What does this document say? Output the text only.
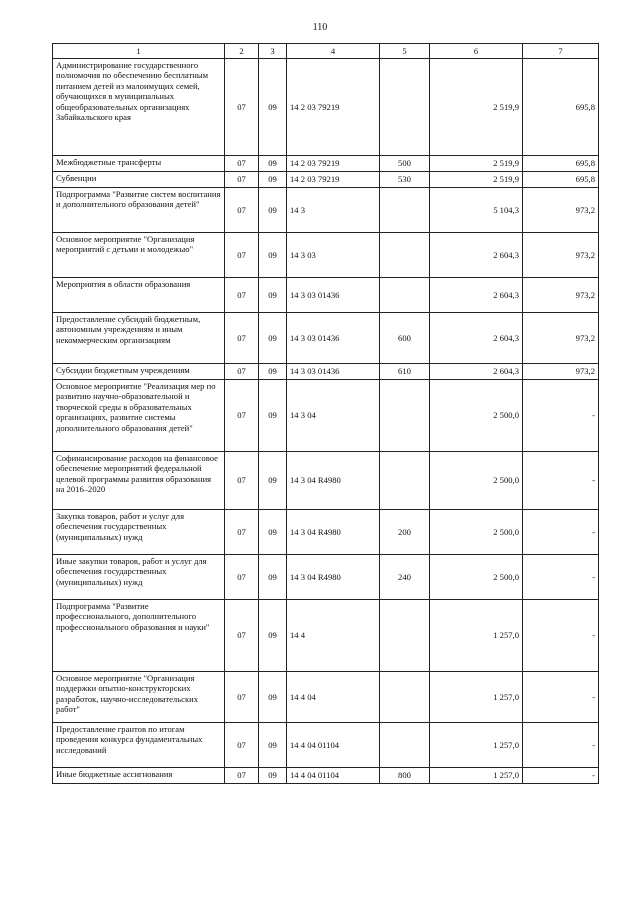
110
1	2	3	4	5	6	7
Администрирование государственного полномочия по обеспечению бесплатным питанием детей из малоимущих семей, обучающихся в муниципальных общеобразовательных организациях Забайкальского края	07	09	14 2 03 79219		2 519,9	695,8
Межбюджетные трансферты	07	09	14 2 03 79219	500	2 519,9	695,8
Субвенции	07	09	14 2 03 79219	530	2 519,9	695,8
Подпрограмма "Развитие систем воспитания и дополнительного образования детей"	07	09	14 3		5 104,3	973,2
Основное мероприятие "Организация мероприятий с детьми и молодежью"	07	09	14 3 03		2 604,3	973,2
Мероприятия в области образования	07	09	14 3 03 01436		2 604,3	973,2
Предоставление субсидий бюджетным, автономным учреждениям и иным некоммерческим организациям	07	09	14 3 03 01436	600	2 604,3	973,2
Субсидии бюджетным учреждениям	07	09	14 3 03 01436	610	2 604,3	973,2
Основное мероприятие "Реализация мер по развитию научно-образовательной и творческой среды в образовательных организациях, развитие системы дополнительного образования детей"	07	09	14 3 04		2 500,0	-
Софинансирование расходов на финансовое обеспечение мероприятий федеральной целевой программы развития образования на 2016–2020	07	09	14 3 04 R4980		2 500,0	-
Закупка товаров, работ и услуг для обеспечения государственных (муниципальных) нужд	07	09	14 3 04 R4980	200	2 500,0	-
Иные закупки товаров, работ и услуг для обеспечения государственных (муниципальных) нужд	07	09	14 3 04 R4980	240	2 500,0	-
Подпрограмма "Развитие профессионального, дополнительного профессионального образования и науки"	07	09	14 4		1 257,0	-
Основное мероприятие "Организация поддержки опытно-конструкторских разработок, научно-исследовательских работ"	07	09	14 4 04		1 257,0	-
Предоставление грантов по итогам проведения конкурса фундаментальных исследований	07	09	14 4 04 01104		1 257,0	-
Иные бюджетные ассигнования	07	09	14 4 04 01104	800	1 257,0	-
